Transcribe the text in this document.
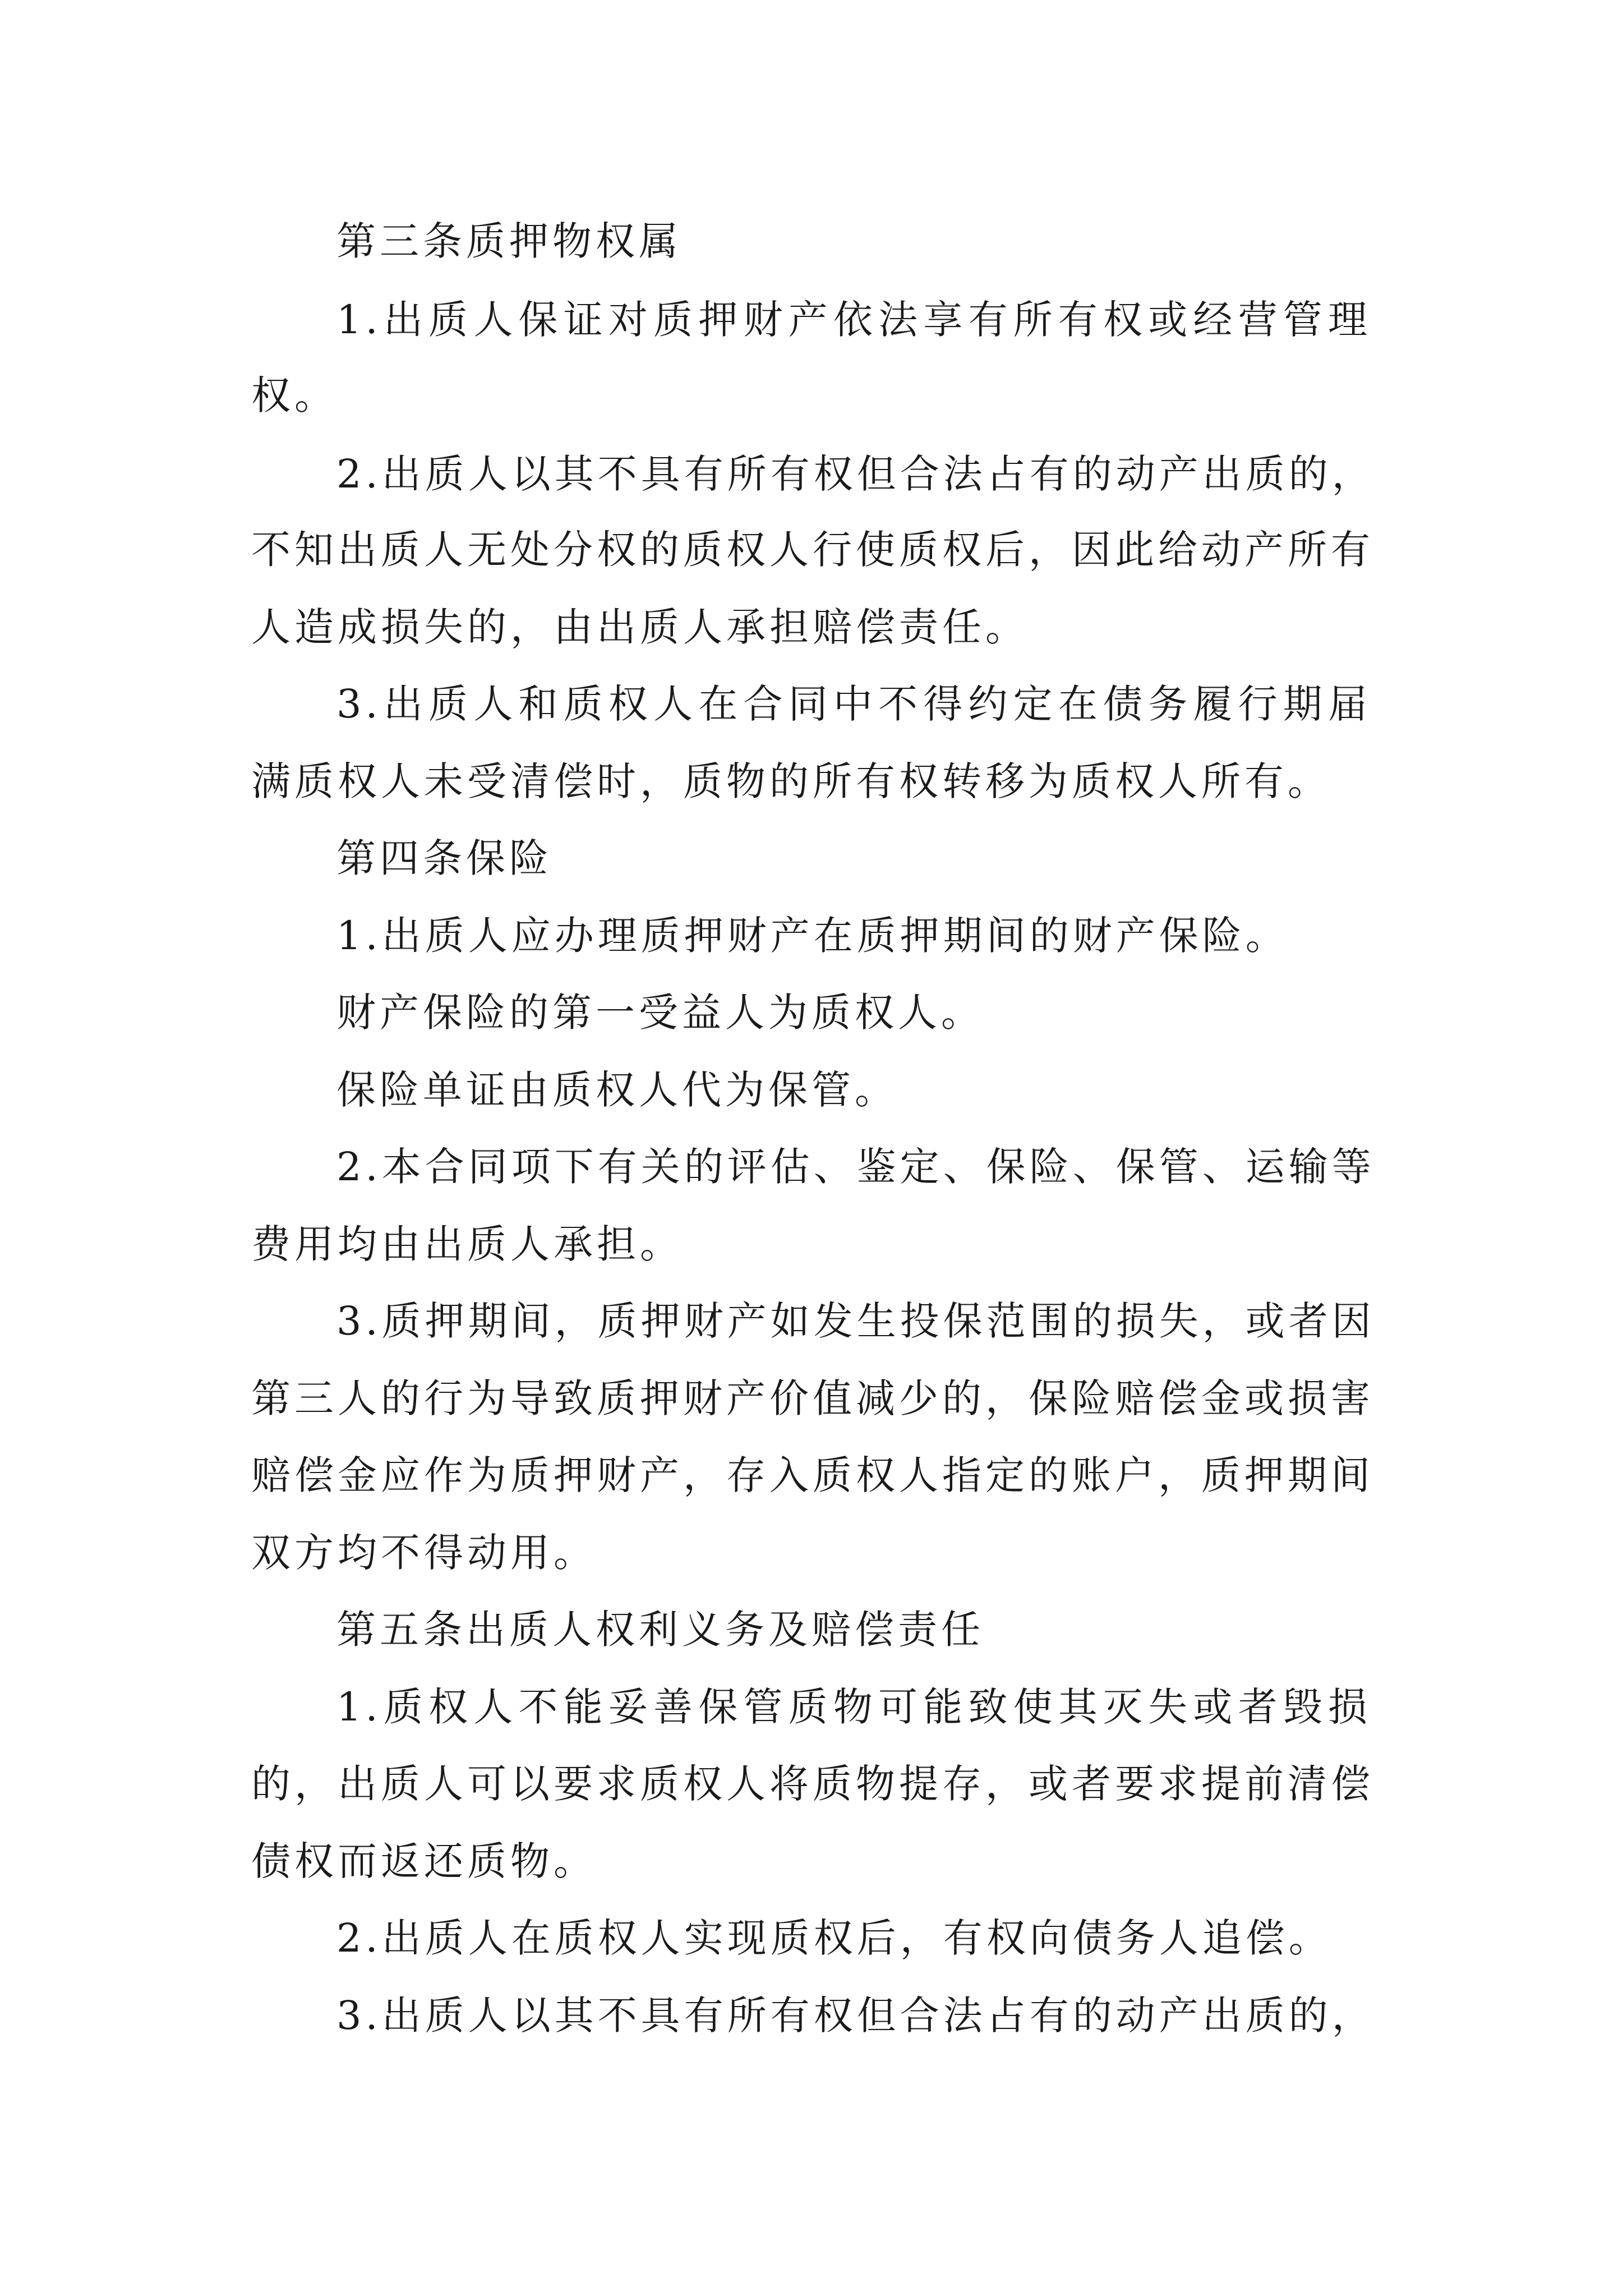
第三条质押物权属
1.出质人保证对质押财产依法享有所有权或经营管理
权。
2.出质人以其不具有所有权但合法占有的动产出质的，
不知出质人无处分权的质权人行使质权后，因此给动产所有
人造成损失的，由出质人承担赔偿责任。
3.出质人和质权人在合同中不得约定在债务履行期届
满质权人未受清偿时，质物的所有权转移为质权人所有。
第四条保险
1.出质人应办理质押财产在质押期间的财产保险。
财产保险的第一受益人为质权人。
保险单证由质权人代为保管。
2.本合同项下有关的评估、鉴定、保险、保管、运输等
费用均由出质人承担。
3.质押期间，质押财产如发生投保范围的损失，或者因
第三人的行为导致质押财产价值减少的，保险赔偿金或损害
赔偿金应作为质押财产，存入质权人指定的账户，质押期间
双方均不得动用。
第五条出质人权利义务及赔偿责任
1.质权人不能妥善保管质物可能致使其灭失或者毁损
的，出质人可以要求质权人将质物提存，或者要求提前清偿
债权而返还质物。
2.出质人在质权人实现质权后，有权向债务人追偿。
3.出质人以其不具有所有权但合法占有的动产出质的，
